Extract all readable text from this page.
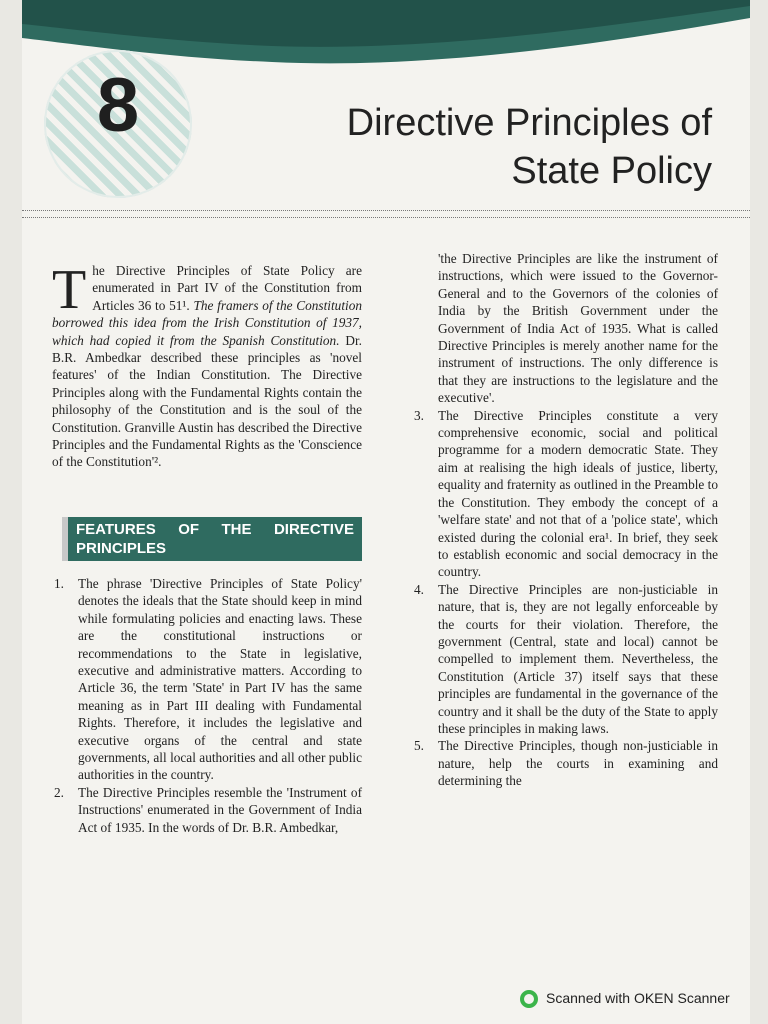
8	Directive Principles of
State Policy

The Directive Principles of State Policy are enumerated in Part IV of the Constitution from Articles 36 to 51¹. The framers of the Constitution borrowed this idea from the Irish Constitution of 1937, which had copied it from the Spanish Constitution. Dr. B.R. Ambedkar described these principles as 'novel features' of the Indian Constitution. The Directive Principles along with the Fundamental Rights contain the philosophy of the Constitution and is the soul of the Constitution. Granville Austin has described the Directive Principles and the Fundamental Rights as the 'Conscience of the Constitution'².

FEATURES OF THE DIRECTIVE PRINCIPLES
1. The phrase 'Directive Principles of State Policy' denotes the ideals that the State should keep in mind while formulating policies and enacting laws. These are the constitutional instructions or recommendations to the State in legislative, executive and administrative matters. According to Article 36, the term 'State' in Part IV has the same meaning as in Part III dealing with Fundamental Rights. Therefore, it includes the legislative and executive organs of the central and state governments, all local authorities and all other public authorities in the country.
2. The Directive Principles resemble the 'Instrument of Instructions' enumerated in the Government of India Act of 1935. In the words of Dr. B.R. Ambedkar,

'the Directive Principles are like the instrument of instructions, which were issued to the Governor-General and to the Governors of the colonies of India by the British Government under the Government of India Act of 1935. What is called Directive Principles is merely another name for the instrument of instructions. The only difference is that they are instructions to the legislature and the executive'.

3. The Directive Principles constitute a very comprehensive economic, social and political programme for a modern democratic State. They aim at realising the high ideals of justice, liberty, equality and fraternity as outlined in the Preamble to the Constitution. They embody the concept of a 'welfare state' and not that of a 'police state', which existed during the colonial era¹. In brief, they seek to establish economic and social democracy in the country.
4. The Directive Principles are non-justiciable in nature, that is, they are not legally enforceable by the courts for their violation. Therefore, the government (Central, state and local) cannot be compelled to implement them. Nevertheless, the Constitution (Article 37) itself says that these principles are fundamental in the governance of the country and it shall be the duty of the State to apply these principles in making laws.
5. The Directive Principles, though non-justiciable in nature, help the courts in examining and determining the
Scanned with OKEN Scanner
